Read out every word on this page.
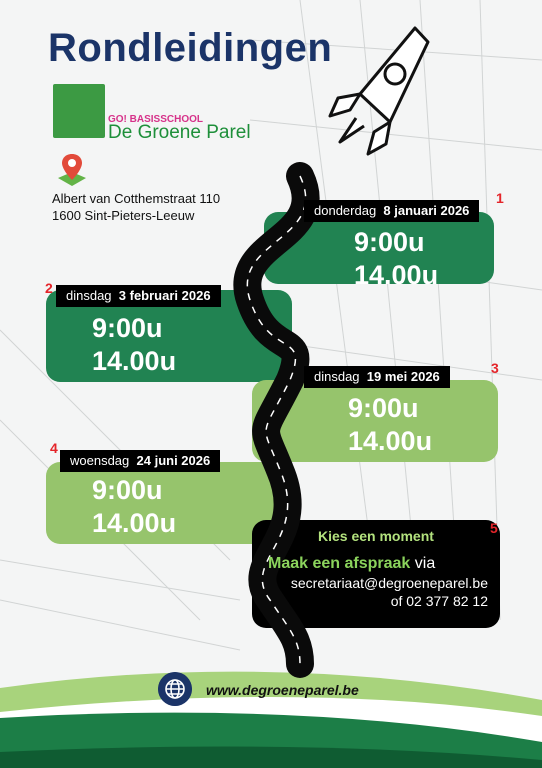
Rondleidingen
GO! BASISSCHOOL
De Groene Parel
Albert van Cotthemstraat 110
1600 Sint-Pieters-Leeuw
9:00u
14.00u
9:00u
14.00u
9:00u
14.00u
9:00u
14.00u
donderdag 8 januari 2026
1
dinsdag 3 februari 2026
2
dinsdag 19 mei 2026
3
woensdag 24 juni 2026
4
5
Kies een moment
Maak een afspraak via
secretariaat@degroeneparel.be
of 02 377 82 12
www.degroeneparel.be
